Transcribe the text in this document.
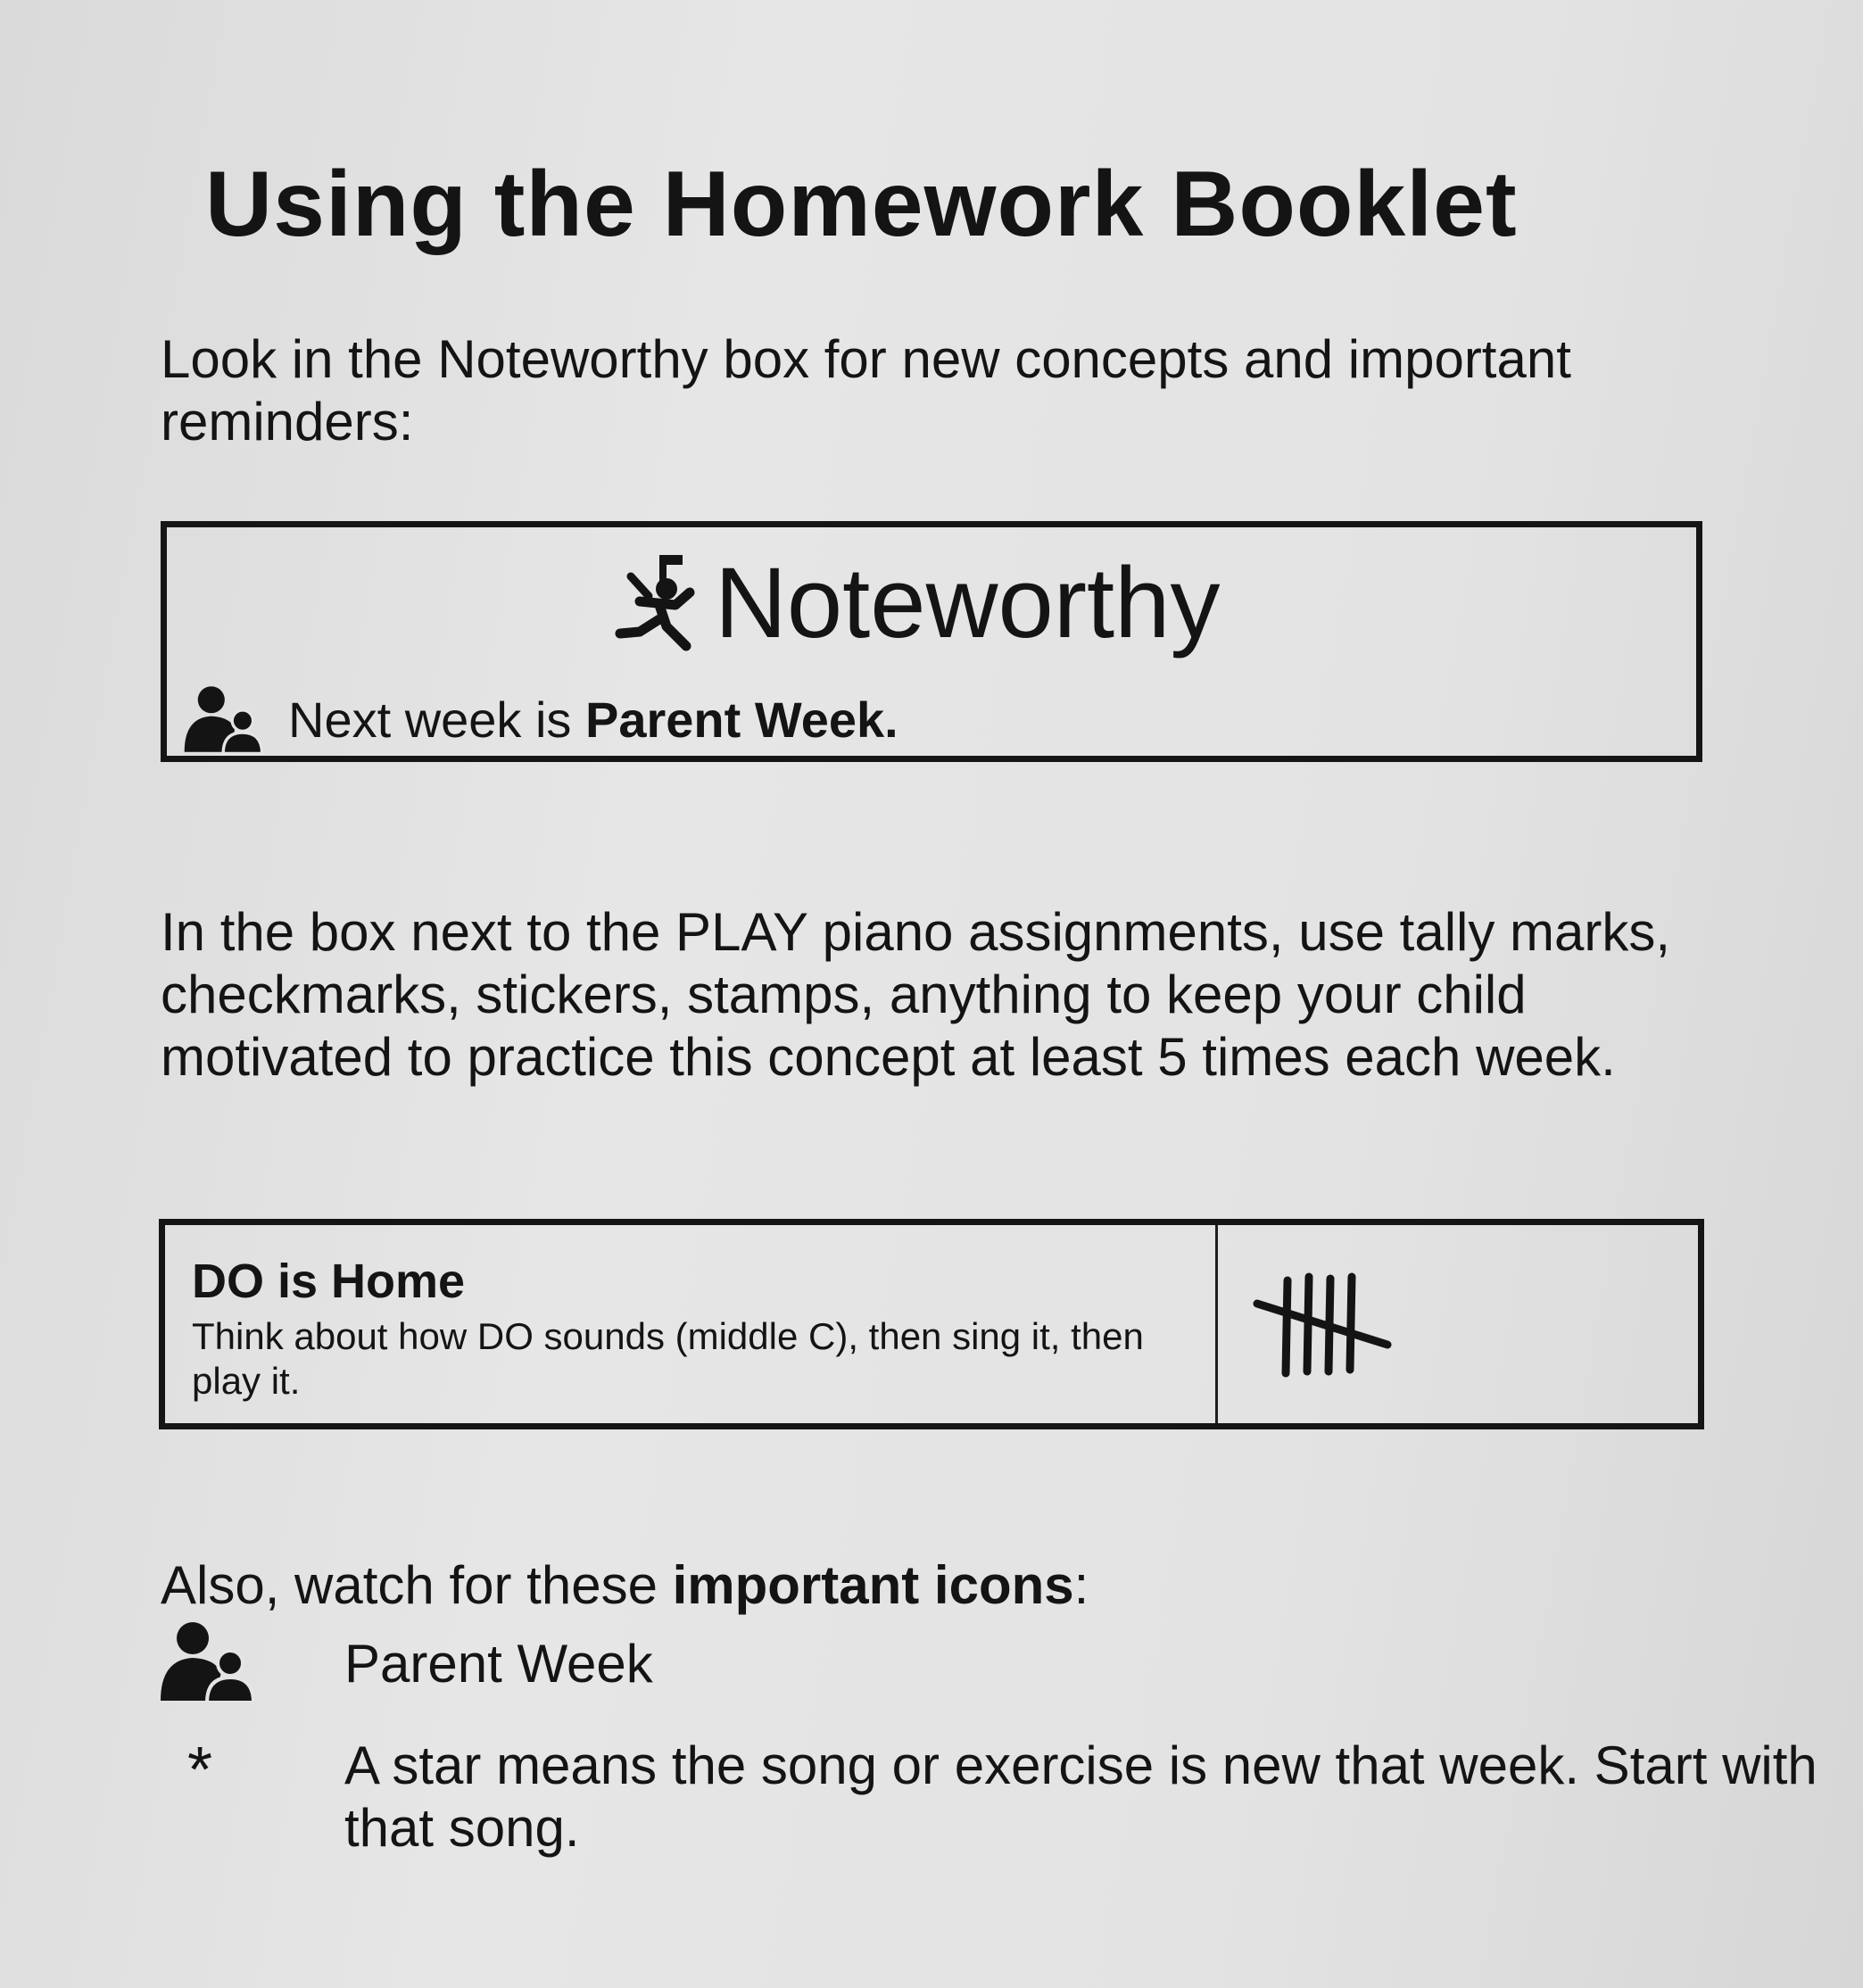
Using the Homework Booklet

Look in the Noteworthy box for new concepts and important reminders:

Noteworthy
Next week is Parent Week.

In the box next to the PLAY piano assignments, use tally marks, checkmarks, stickers, stamps, anything to keep your child motivated to practice this concept at least 5 times each week.

DO is Home

Think about how DO sounds (middle C), then sing it, then play it.

Also, watch for these important icons:

Parent Week
*	A star means the song or exercise is new that week. Start with that song.
